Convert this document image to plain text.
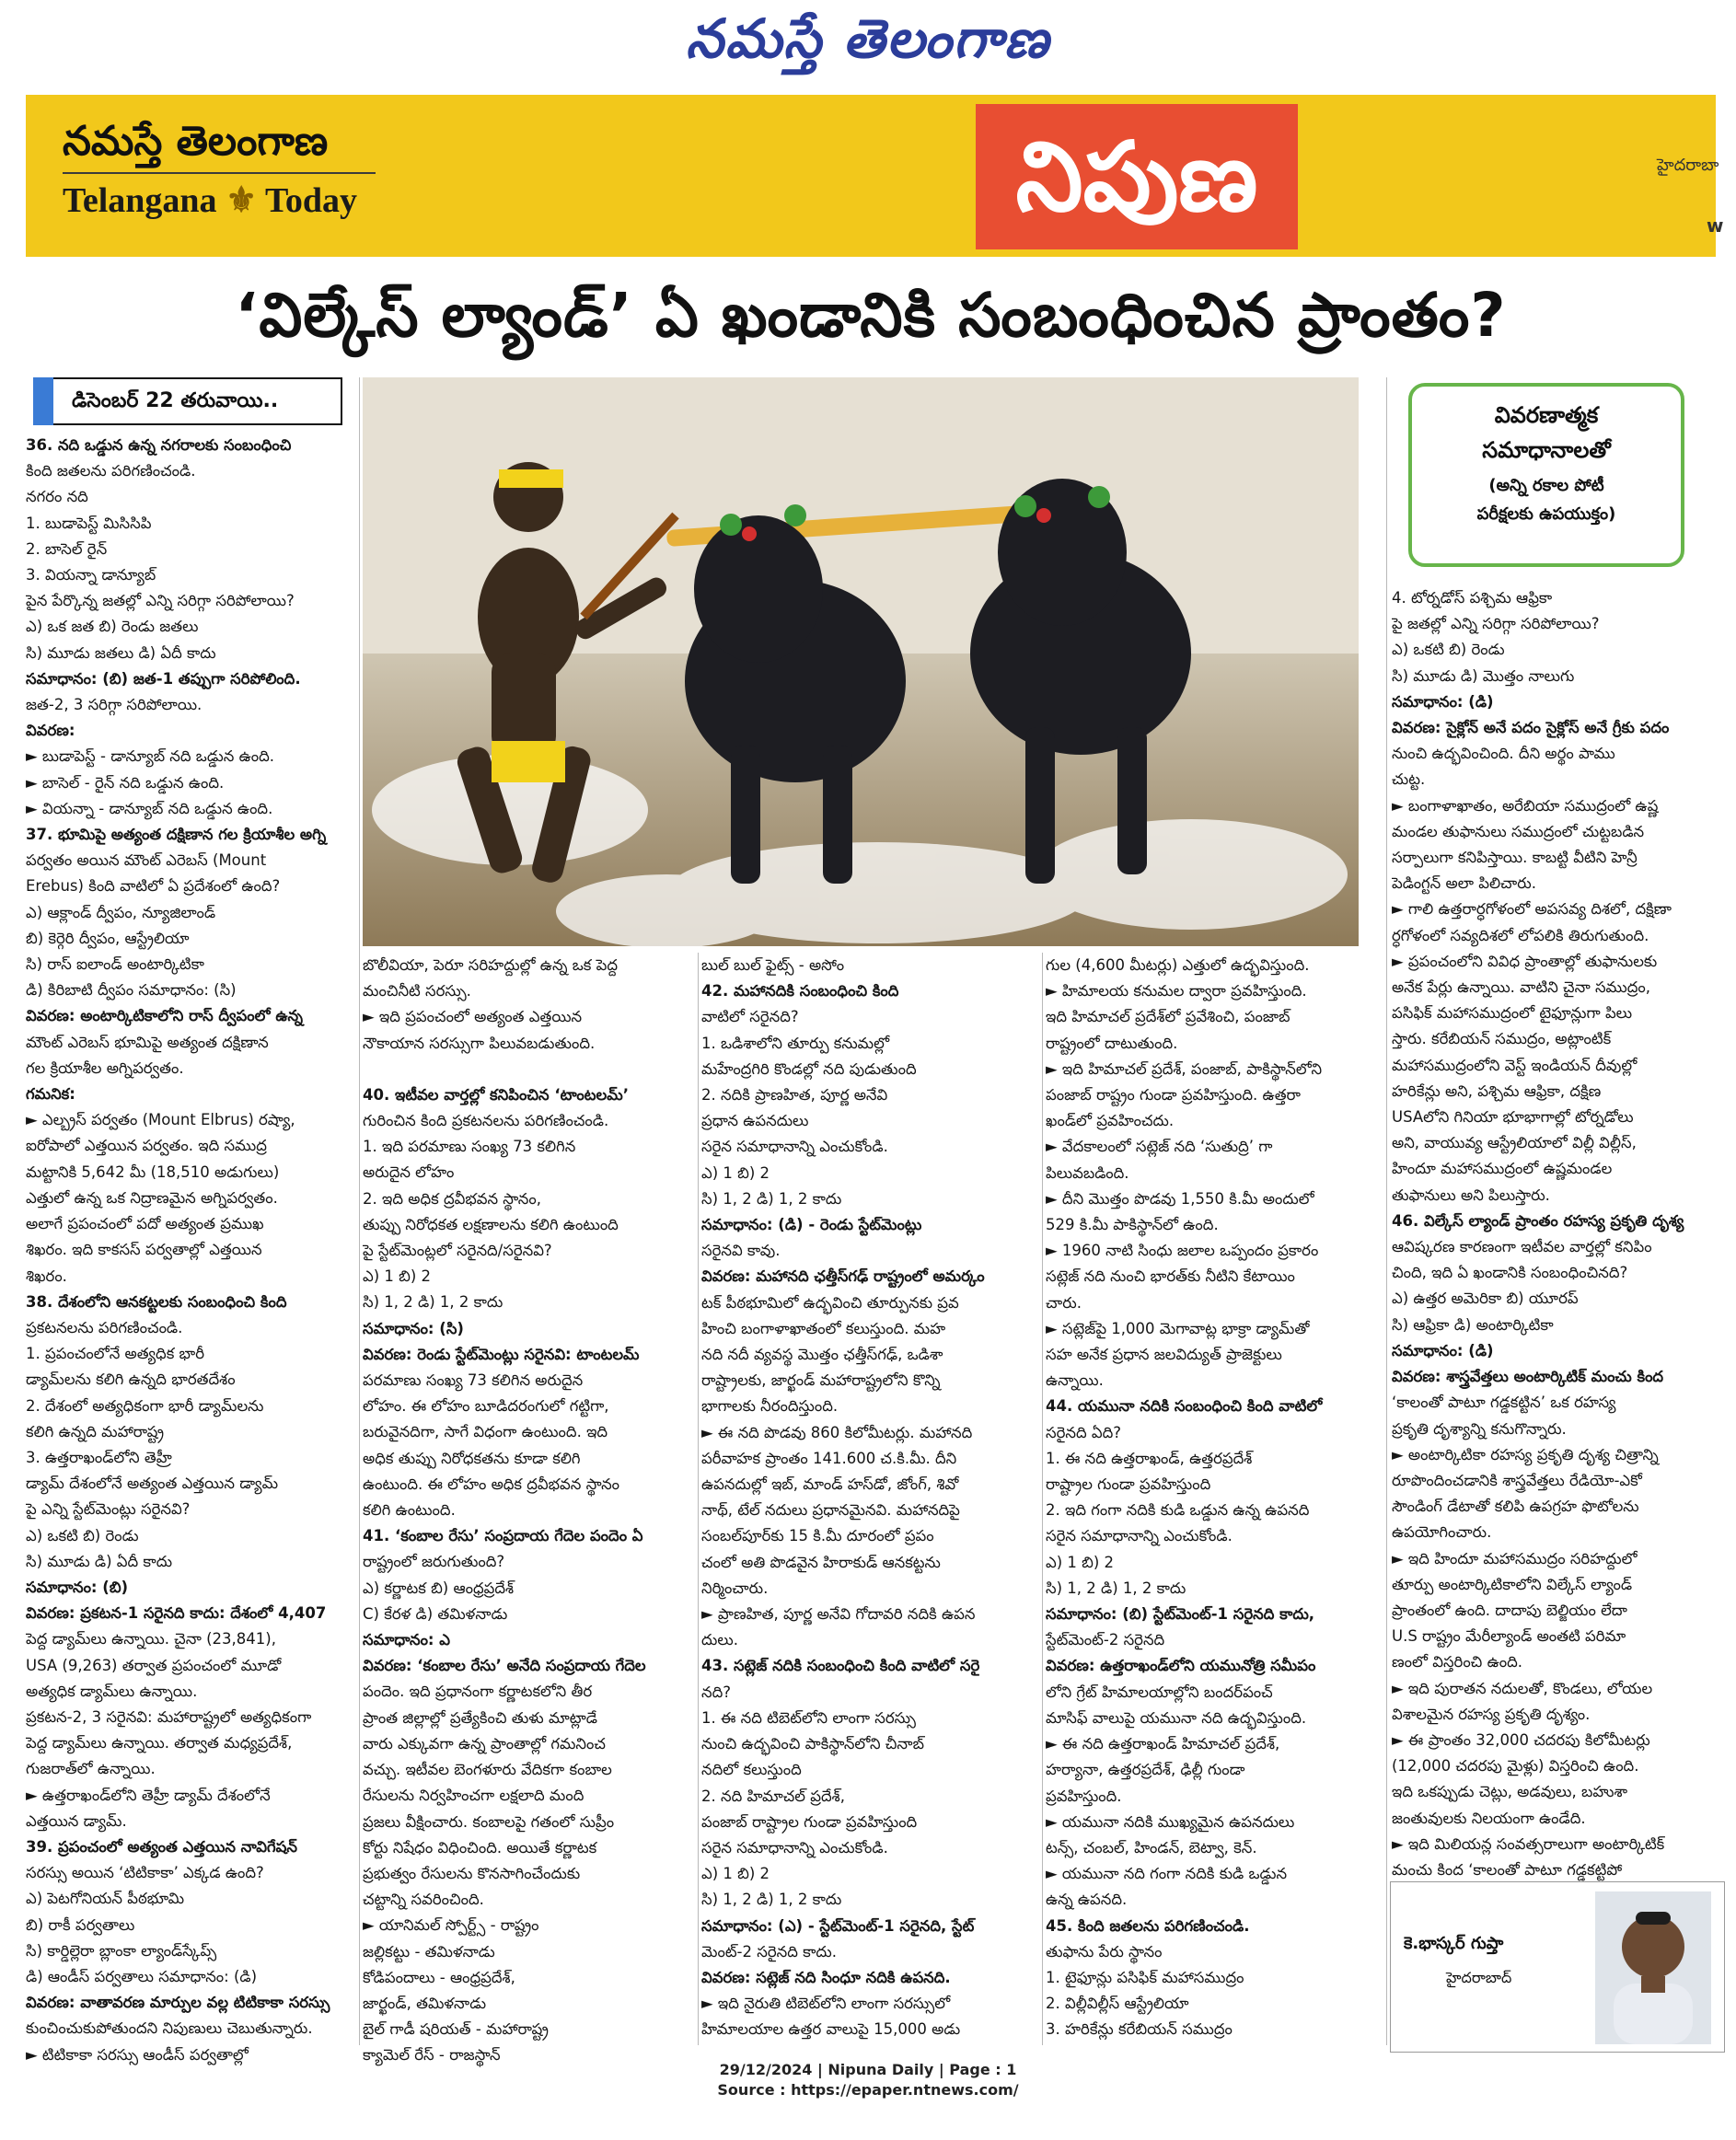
నమస్తే తెలంగాణ
నమస్తే తెలంగాణ
Telangana ⚜ Today	నిపుణ	హైదరాబా
w
‘విల్కేస్ ల్యాండ్’ ఏ ఖండానికి సంబంధించిన ప్రాంతం?
డిసెంబర్ 22 తరువాయి..
వివరణాత్మక
సమాధానాలతో
(అన్ని రకాల పోటీ
పరీక్షలకు ఉపయుక్తం)

36. నది ఒడ్డున ఉన్న నగరాలకు సంబంధించి

కింది జతలను పరిగణించండి.

నగరం నది

1. బుడాపెస్ట్ మిసిసిపి

2. బాసెల్ రైన్

3. వియన్నా డాన్యూబ్

పైన పేర్కొన్న జతల్లో ఎన్ని సరిగ్గా సరిపోలాయి?

ఎ) ఒక జత బి) రెండు జతలు

సి) మూడు జతలు డి) ఏదీ కాదు

సమాధానం: (బి) జత-1 తప్పుగా సరిపోలింది.

జత-2, 3 సరిగ్గా సరిపోలాయి.

వివరణ:

► బుడాపెస్ట్ - డాన్యూబ్ నది ఒడ్డున ఉంది.

► బాసెల్ - రైన్ నది ఒడ్డున ఉంది.

► వియన్నా - డాన్యూబ్ నది ఒడ్డున ఉంది.

37. భూమిపై అత్యంత దక్షిణాన గల క్రియాశీల అగ్ని

పర్వతం అయిన మౌంట్ ఎరెబస్ (Mount

Erebus) కింది వాటిలో ఏ ప్రదేశంలో ఉంది?

ఎ) ఆక్లాండ్ ద్వీపం, న్యూజిలాండ్

బి) కెర్గెరి ద్వీపం, ఆస్ట్రేలియా

సి) రాస్ ఐలాండ్ అంటార్కిటికా

డి) కిరిబాటి ద్వీపం సమాధానం: (సి)

వివరణ: అంటార్కిటికాలోని రాస్ ద్వీపంలో ఉన్న

మౌంట్ ఎరెబస్ భూమిపై అత్యంత దక్షిణాన

గల క్రియాశీల అగ్నిపర్వతం.

గమనిక:

► ఎల్బ్రస్ పర్వతం (Mount Elbrus) రష్యా,

ఐరోపాలో ఎత్తయిన పర్వతం. ఇది సముద్ర

మట్టానికి 5,642 మీ (18,510 అడుగులు)

ఎత్తులో ఉన్న ఒక నిద్రాణమైన అగ్నిపర్వతం.

అలాగే ప్రపంచంలో పదో అత్యంత ప్రముఖ

శిఖరం. ఇది కాకసస్ పర్వతాల్లో ఎత్తయిన

శిఖరం.

38. దేశంలోని ఆనకట్టలకు సంబంధించి కింది

ప్రకటనలను పరిగణించండి.

1. ప్రపంచంలోనే అత్యధిక భారీ

డ్యామ్‌లను కలిగి ఉన్నది భారతదేశం

2. దేశంలో అత్యధికంగా భారీ డ్యామ్‌లను

కలిగి ఉన్నది మహారాష్ట్ర

3. ఉత్తరాఖండ్‌లోని తెహ్రీ

డ్యామ్ దేశంలోనే అత్యంత ఎత్తయిన డ్యామ్

పై ఎన్ని స్టేట్‌మెంట్లు సరైనవి?

ఎ) ఒకటి బి) రెండు

సి) మూడు డి) ఏదీ కాదు

సమాధానం: (బి)

వివరణ: ప్రకటన-1 సరైనది కాదు: దేశంలో 4,407

పెద్ద డ్యామ్‌లు ఉన్నాయి. చైనా (23,841),

USA (9,263) తర్వాత ప్రపంచంలో మూడో

అత్యధిక డ్యామ్‌లు ఉన్నాయి.

ప్రకటన-2, 3 సరైనవి: మహారాష్ట్రలో అత్యధికంగా

పెద్ద డ్యామ్‌లు ఉన్నాయి. తర్వాత మధ్యప్రదేశ్,

గుజరాత్‌లో ఉన్నాయి.

► ఉత్తరాఖండ్‌లోని తెహ్రీ డ్యామ్ దేశంలోనే

ఎత్తయిన డ్యామ్.

39. ప్రపంచంలో అత్యంత ఎత్తయిన నావిగేషన్

సరస్సు అయిన ‘టిటికాకా’ ఎక్కడ ఉంది?

ఎ) పెటగోనియన్ పీఠభూమి

బి) రాకీ పర్వతాలు

సి) కార్డిల్లెరా బ్లాంకా ల్యాండ్‌స్కేప్స్

డి) ఆండీస్ పర్వతాలు సమాధానం: (డి)

వివరణ: వాతావరణ మార్పుల వల్ల టిటికాకా సరస్సు

కుంచించుకుపోతుందని నిపుణులు చెబుతున్నారు.

► టిటికాకా సరస్సు ఆండీస్ పర్వతాల్లో

బొలీవియా, పెరూ సరిహద్దుల్లో ఉన్న ఒక పెద్ద

మంచినీటి సరస్సు.

► ఇది ప్రపంచంలో అత్యంత ఎత్తయిన

నౌకాయాన సరస్సుగా పిలువబడుతుంది.

40. ఇటీవల వార్తల్లో కనిపించిన ‘టాంటలమ్’

గురించిన కింది ప్రకటనలను పరిగణించండి.

1. ఇది పరమాణు సంఖ్య 73 కలిగిన

అరుదైన లోహం

2. ఇది అధిక ద్రవీభవన స్థానం,

తుప్పు నిరోధకత లక్షణాలను కలిగి ఉంటుంది

పై స్టేట్‌మెంట్లలో సరైనది/సరైనవి?

ఎ) 1 బి) 2

సి) 1, 2 డి) 1, 2 కాదు

సమాధానం: (సి)

వివరణ: రెండు స్టేట్‌మెంట్లు సరైనవి: టాంటలమ్

పరమాణు సంఖ్య 73 కలిగిన అరుదైన

లోహం. ఈ లోహం బూడిదరంగులో గట్టిగా,

బరువైనదిగా, సాగే విధంగా ఉంటుంది. ఇది

అధిక తుప్పు నిరోధకతను కూడా కలిగి

ఉంటుంది. ఈ లోహం అధిక ద్రవీభవన స్థానం

కలిగి ఉంటుంది.

41. ‘కంబాల రేసు’ సంప్రదాయ గేదెల పందెం ఏ

రాష్ట్రంలో జరుగుతుంది?

ఎ) కర్ణాటక బి) ఆంధ్రప్రదేశ్

C) కేరళ డి) తమిళనాడు

సమాధానం: ఎ

వివరణ: ‘కంబాల రేసు’ అనేది సంప్రదాయ గేదెల

పందెం. ఇది ప్రధానంగా కర్ణాటకలోని తీర

ప్రాంత జిల్లాల్లో ప్రత్యేకించి తుళు మాట్లాడే

వారు ఎక్కువగా ఉన్న ప్రాంతాల్లో గమనించ

వచ్చు. ఇటీవల బెంగళూరు వేదికగా కంబాల

రేసులను నిర్వహించగా లక్షలాది మంది

ప్రజలు వీక్షించారు. కంబాలపై గతంలో సుప్రీం

కోర్టు నిషేధం విధించింది. అయితే కర్ణాటక

ప్రభుత్వం రేసులను కొనసాగించేందుకు

చట్టాన్ని సవరించింది.

► యానిమల్ స్పోర్ట్స్ - రాష్ట్రం

జల్లికట్టు - తమిళనాడు

కోడిపందాలు - ఆంధ్రప్రదేశ్,

జార్ఖండ్, తమిళనాడు

బైల్ గాడీ షరియత్ - మహారాష్ట్ర

క్యామెల్ రేస్ - రాజస్థాన్

బుల్ బుల్ ఫైట్స్ - అసోం

42. మహానదికి సంబంధించి కింది

వాటిలో సరైనది?

1. ఒడిశాలోని తూర్పు కనుమల్లో

మహేంద్రగిరి కొండల్లో నది పుడుతుంది

2. నదికి ప్రాణహిత, పూర్ణ అనేవి

ప్రధాన ఉపనదులు

సరైన సమాధానాన్ని ఎంచుకోండి.

ఎ) 1 బి) 2

సి) 1, 2 డి) 1, 2 కాదు

సమాధానం: (డి) - రెండు స్టేట్‌మెంట్లు

సరైనవి కావు.

వివరణ: మహానది ఛత్తీస్‌గఢ్ రాష్ట్రంలో అమర్కం

టక్ పీఠభూమిలో ఉద్భవించి తూర్పునకు ప్రవ

హించి బంగాళాఖాతంలో కలుస్తుంది. మహ

నది నదీ వ్యవస్థ మొత్తం ఛత్తీస్‌గఢ్, ఒడిశా

రాష్ట్రాలకు, జార్ఖండ్ మహారాష్ట్రలోని కొన్ని

భాగాలకు నీరందిస్తుంది.

► ఈ నది పొడవు 860 కిలోమీటర్లు. మహానది

పరీవాహక ప్రాంతం 141.600 చ.కి.మీ. దీని

ఉపనదుల్లో ఇబ్, మాండ్ హస్‌డో, జోంగ్, శివో

నాథ్, టేల్ నదులు ప్రధానమైనవి. మహానదిపై

సంబల్‌పూర్‌కు 15 కి.మీ దూరంలో ప్రపం

చంలో అతి పొడవైన హిరాకుడ్ ఆనకట్టను

నిర్మించారు.

► ప్రాణహిత, పూర్ణ అనేవి గోదావరి నదికి ఉపన

దులు.

43. సట్లెజ్ నదికి సంబంధించి కింది వాటిలో సరై

నది?

1. ఈ నది టిబెట్‌లోని లాంగా సరస్సు

నుంచి ఉద్భవించి పాకిస్థాన్‌లోని చీనాబ్

నదిలో కలుస్తుంది

2. నది హిమాచల్ ప్రదేశ్,

పంజాబ్ రాష్ట్రాల గుండా ప్రవహిస్తుంది

సరైన సమాధానాన్ని ఎంచుకోండి.

ఎ) 1 బి) 2

సి) 1, 2 డి) 1, 2 కాదు

సమాధానం: (ఎ) - స్టేట్‌మెంట్-1 సరైనది, స్టేట్

మెంట్-2 సరైనది కాదు.

వివరణ: సట్లెజ్ నది సింధూ నదికి ఉపనది.

► ఇది నైరుతి టిబెట్‌లోని లాంగా సరస్సులో

హిమాలయాల ఉత్తర వాలుపై 15,000 అడు

గుల (4,600 మీటర్లు) ఎత్తులో ఉద్భవిస్తుంది.

► హిమాలయ కనుమల ద్వారా ప్రవహిస్తుంది.

ఇది హిమాచల్ ప్రదేశ్‌లో ప్రవేశించి, పంజాబ్

రాష్ట్రంలో దాటుతుంది.

► ఇది హిమాచల్ ప్రదేశ్, పంజాబ్, పాకిస్థాన్‌లోని

పంజాబ్ రాష్ట్రం గుండా ప్రవహిస్తుంది. ఉత్తరా

ఖండ్‌లో ప్రవహించదు.

► వేదకాలంలో సట్లెజ్ నది ‘సుతుద్రి’ గా

పిలువబడింది.

► దీని మొత్తం పొడవు 1,550 కి.మీ అందులో

529 కి.మీ పాకిస్థాన్‌లో ఉంది.

► 1960 నాటి సింధు జలాల ఒప్పందం ప్రకారం

సట్లెజ్ నది నుంచి భారత్‌కు నీటిని కేటాయిం

చారు.

► సట్లెజ్‌పై 1,000 మెగావాట్ల భాక్రా డ్యామ్‌తో

సహ అనేక ప్రధాన జలవిద్యుత్ ప్రాజెక్టులు

ఉన్నాయి.

44. యమునా నదికి సంబంధించి కింది వాటిలో

సరైనది ఏది?

1. ఈ నది ఉత్తరాఖండ్, ఉత్తరప్రదేశ్

రాష్ట్రాల గుండా ప్రవహిస్తుంది

2. ఇది గంగా నదికి కుడి ఒడ్డున ఉన్న ఉపనది

సరైన సమాధానాన్ని ఎంచుకోండి.

ఎ) 1 బి) 2

సి) 1, 2 డి) 1, 2 కాదు

సమాధానం: (బి) స్టేట్‌మెంట్-1 సరైనది కాదు,

స్టేట్‌మెంట్-2 సరైనది

వివరణ: ఉత్తరాఖండ్‌లోని యమునోత్రి సమీపం

లోని గ్రేట్ హిమాలయాల్లోని బందర్‌పంచ్

మాసిఫ్ వాలుపై యమునా నది ఉద్భవిస్తుంది.

► ఈ నది ఉత్తరాఖండ్ హిమాచల్ ప్రదేశ్,

హర్యానా, ఉత్తరప్రదేశ్, ఢిల్లీ గుండా

ప్రవహిస్తుంది.

► యమునా నదికి ముఖ్యమైన ఉపనదులు

టన్స్, చంబల్, హిండన్, బెట్వా, కెన్.

► యమునా నది గంగా నదికి కుడి ఒడ్డున

ఉన్న ఉపనది.

45. కింది జతలను పరిగణించండి.

తుఫాను పేరు స్థానం

1. టైఫూన్లు పసిఫిక్ మహాసముద్రం

2. విల్లీవిల్లీస్ ఆస్ట్రేలియా

3. హరికేన్లు కరేబియన్ సముద్రం

4. టోర్నడోస్ పశ్చిమ ఆఫ్రికా

పై జతల్లో ఎన్ని సరిగ్గా సరిపోలాయి?

ఎ) ఒకటి బి) రెండు

సి) మూడు డి) మొత్తం నాలుగు

సమాధానం: (డి)

వివరణ: సైక్లోన్ అనే పదం సైక్లోస్ అనే గ్రీకు పదం

నుంచి ఉద్భవించింది. దీని అర్థం పాము

చుట్ట.

► బంగాళాఖాతం, అరేబియా సముద్రంలో ఉష్ణ

మండల తుఫానులు సముద్రంలో చుట్టబడిన

సర్పాలుగా కనిపిస్తాయి. కాబట్టి వీటిని హెన్రీ

పెడింగ్టన్ అలా పిలిచారు.

► గాలి ఉత్తరార్ధగోళంలో అపసవ్య దిశలో, దక్షిణా

ర్ధగోళంలో సవ్యదిశలో లోపలికి తిరుగుతుంది.

► ప్రపంచంలోని వివిధ ప్రాంతాల్లో తుఫానులకు

అనేక పేర్లు ఉన్నాయి. వాటిని చైనా సముద్రం,

పసిఫిక్ మహాసముద్రంలో టైఫూన్లుగా పిలు

స్తారు. కరేబియన్ సముద్రం, అట్లాంటిక్

మహాసముద్రంలోని వెస్ట్ ఇండియన్ దీవుల్లో

హరికేన్లు అని, పశ్చిమ ఆఫ్రికా, దక్షిణ

USAలోని గినియా భూభాగాల్లో టోర్నడోలు

అని, వాయువ్య ఆస్ట్రేలియాలో విల్లీ విల్లీస్,

హిందూ మహాసముద్రంలో ఉష్ణమండల

తుఫానులు అని పిలుస్తారు.

46. విల్కేస్ ల్యాండ్ ప్రాంతం రహస్య ప్రకృతి దృశ్య

ఆవిష్కరణ కారణంగా ఇటీవల వార్తల్లో కనిపిం

చింది, ఇది ఏ ఖండానికి సంబంధించినది?

ఎ) ఉత్తర అమెరికా బి) యూరప్

సి) ఆఫ్రికా డి) అంటార్కిటికా

సమాధానం: (డి)

వివరణ: శాస్త్రవేత్తలు అంటార్కిటిక్ మంచు కింద

‘కాలంతో పాటూ గడ్డకట్టిన’ ఒక రహస్య

ప్రకృతి దృశ్యాన్ని కనుగొన్నారు.

► అంటార్కిటికా రహస్య ప్రకృతి దృశ్య చిత్రాన్ని

రూపొందించడానికి శాస్త్రవేత్తలు రేడియో-ఎకో

సౌండింగ్ డేటాతో కలిపి ఉపగ్రహ ఫొటోలను

ఉపయోగించారు.

► ఇది హిందూ మహాసముద్రం సరిహద్దులో

తూర్పు అంటార్కిటికాలోని విల్కేస్ ల్యాండ్

ప్రాంతంలో ఉంది. దాదాపు బెల్జియం లేదా

U.S రాష్ట్రం మేరీల్యాండ్ అంతటి పరిమా

ణంలో విస్తరించి ఉంది.

► ఇది పురాతన నదులతో, కొండలు, లోయల

విశాలమైన రహస్య ప్రకృతి దృశ్యం.

► ఈ ప్రాంతం 32,000 చదరపు కిలోమీటర్లు

(12,000 చదరపు మైళ్లు) విస్తరించి ఉంది.

ఇది ఒకప్పుడు చెట్లు, అడవులు, బహుశా

జంతువులకు నిలయంగా ఉండేది.

► ఇది మిలియన్ల సంవత్సరాలుగా అంటార్కిటిక్

మంచు కింద ‘కాలంతో పాటూ గడ్డకట్టిపో

కె.భాస్కర్ గుప్తా
హైదరాబాద్
29/12/2024 | Nipuna Daily | Page : 1
Source : https://epaper.ntnews.com/
